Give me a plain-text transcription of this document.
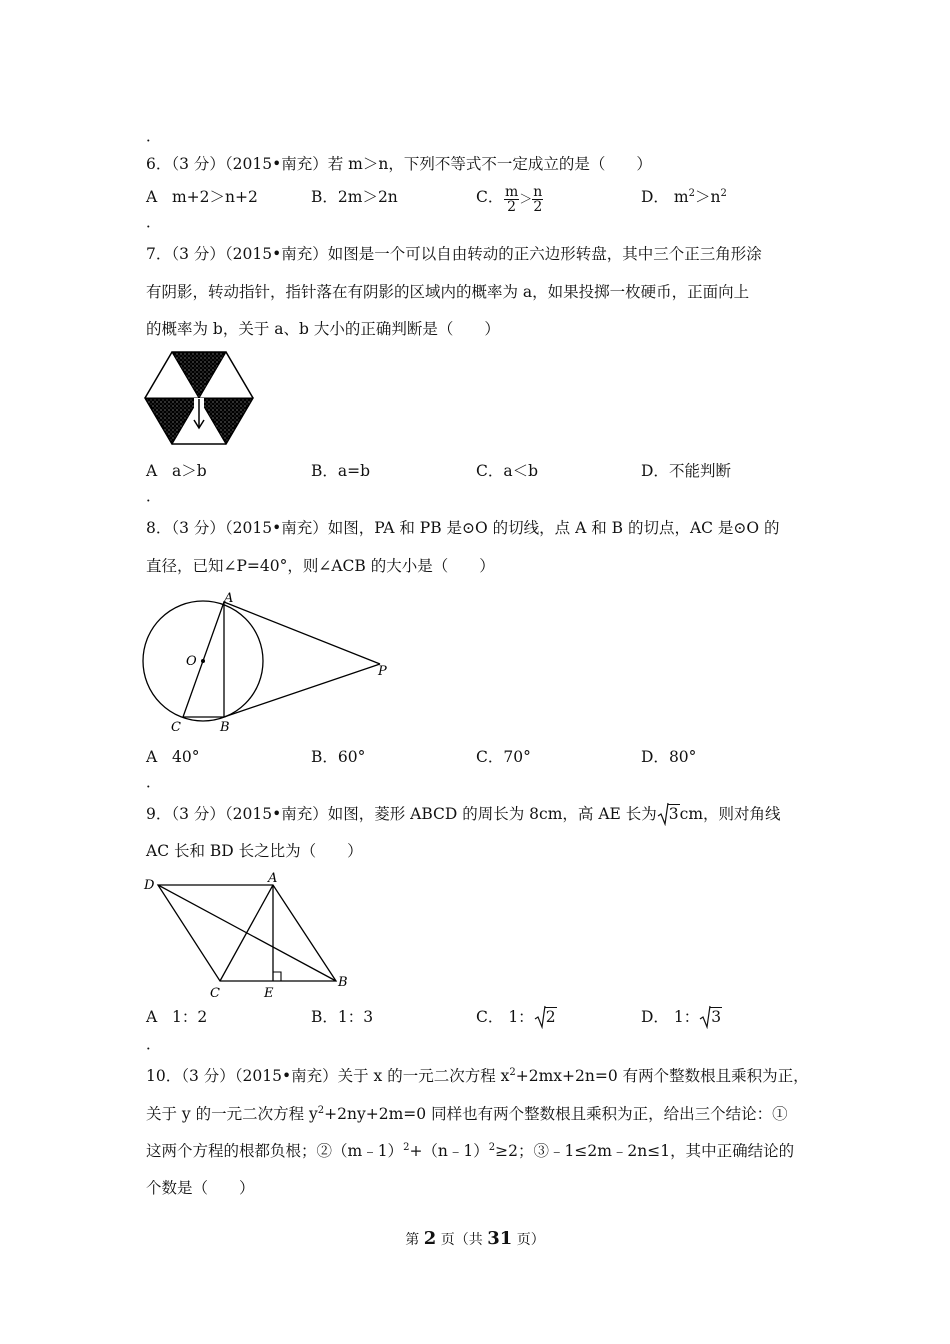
．
6．（3 分）（2015•南充）若 m＞n，下列不等式不一定成立的是（　　）
A m+2＞n+2	B．2m＞2n	C． $\frac{m}{2} > \frac{n}{2}$	D． $m^2>n^2$
．
7．（3 分）（2015•南充）如图是一个可以自由转动的正六边形转盘，其中三个正三角形涂
有阴影，转动指针，指针落在有阴影的区域内的概率为 a，如果投掷一枚硬币，正面向上
的概率为 b，关于 a、b 大小的正确判断是（　　）
A a＞b	B．a=b	C．a＜b	D．不能判断
．
8．（3 分）（2015•南充）如图，PA 和 PB 是⊙O 的切线，点 A 和 B 的切点，AC 是⊙O 的
直径，已知∠P=40°，则∠ACB 的大小是（　　）
A
O
P
C	B
A 40°	B．60°	C．70°	D．80°
．
9．（3 分）（2015•南充）如图，菱形 ABCD 的周长为 8cm，高 AE 长为 3cm，则对角线
AC 长和 BD 长之比为（　　）
D	A
C	E
B
A 1：2	B．1：3	C． 1： 2	D． 1： 3
．
10．（3 分）（2015•南充）关于 x 的一元二次方程 $x^2+2mx+2n=0$ 有两个整数根且乘积为正，
关于 y 的一元二次方程 $y^2+2ny+2m=0$ 同样也有两个整数根且乘积为正，给出三个结论：①
这两个方程的根都负根；②（m﹣1）$^2$+（n﹣1）$^2$≥2；③﹣1≤2m﹣2n≤1，其中正确结论的
个数是（　　）
第 2 页（共 31 页）
